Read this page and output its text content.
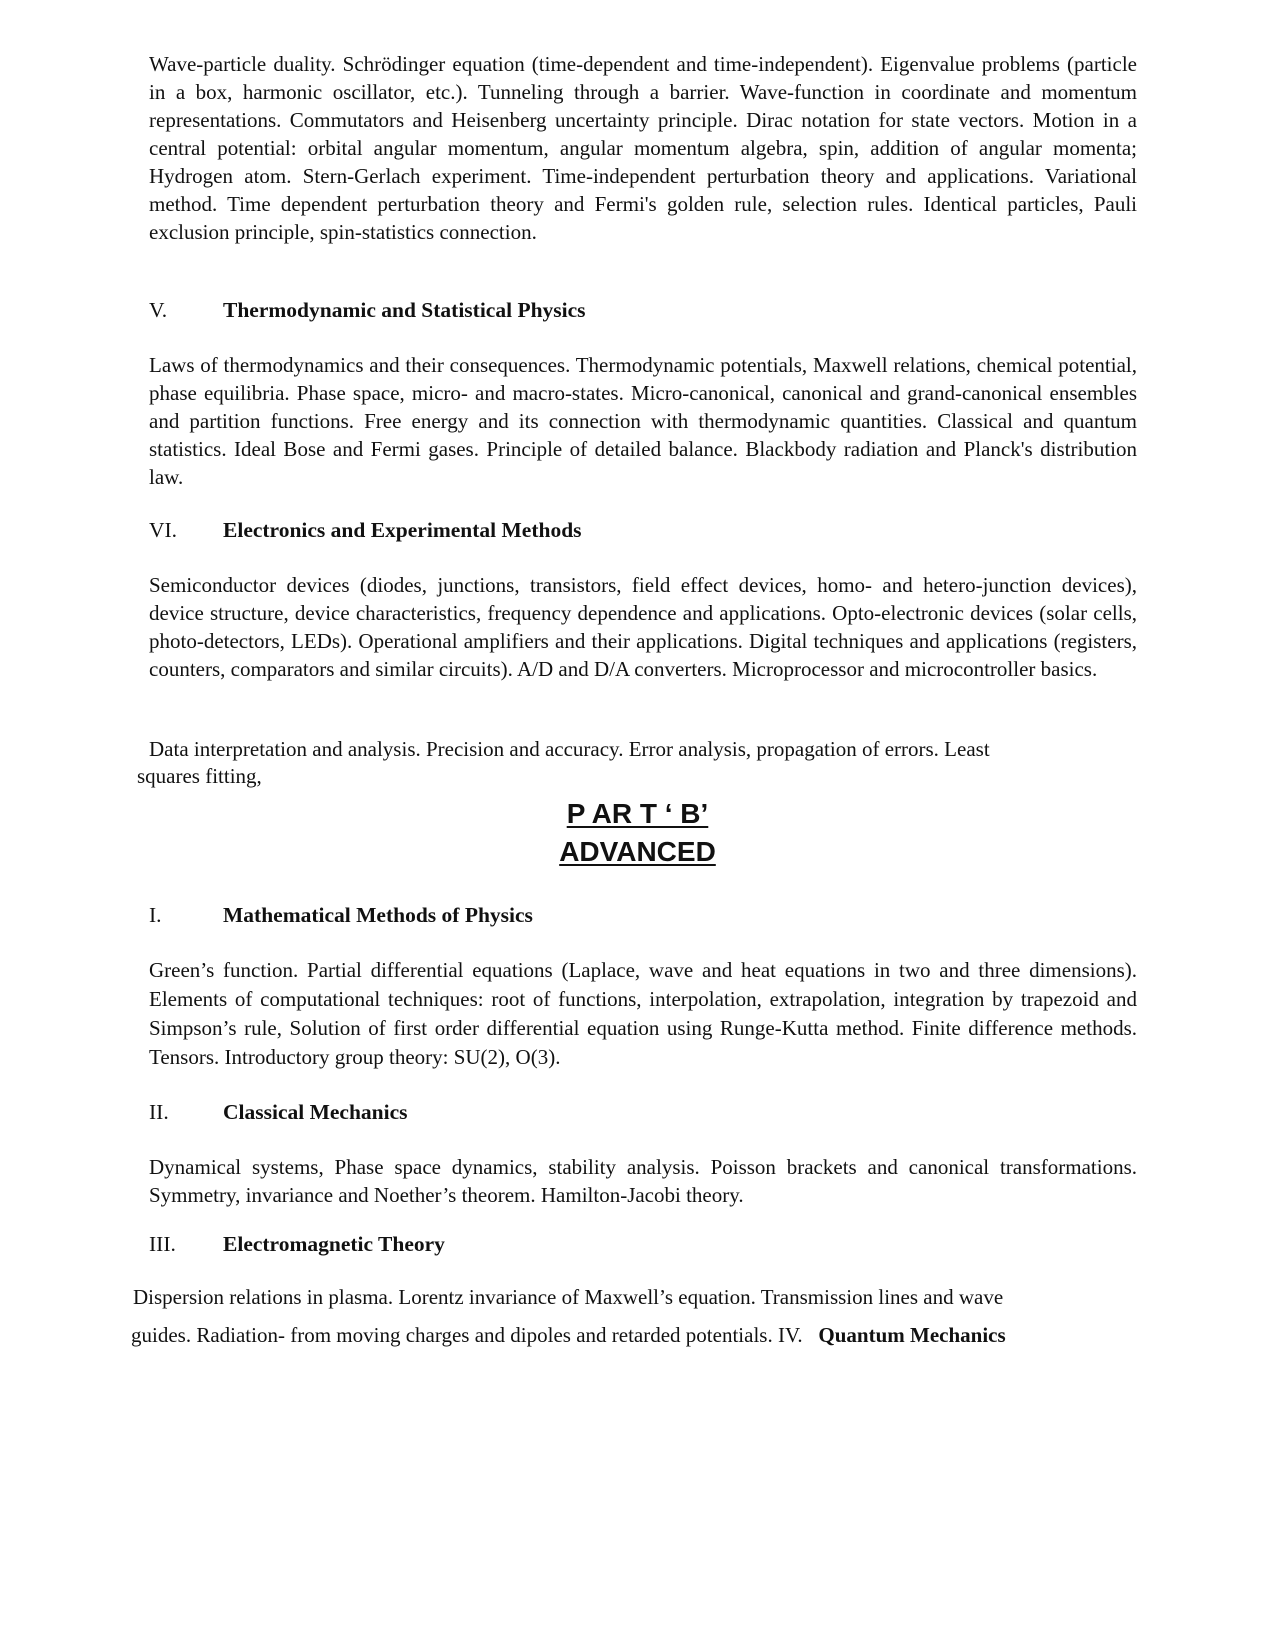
Wave-particle duality. Schrödinger equation (time-dependent and time-independent). Eigenvalue problems (particle in a box, harmonic oscillator, etc.). Tunneling through a barrier. Wave-function in coordinate and momentum representations. Commutators and Heisenberg uncertainty principle. Dirac notation for state vectors. Motion in a central potential: orbital angular momentum, angular momentum algebra, spin, addition of angular momenta; Hydrogen atom. Stern-Gerlach experiment. Time-independent perturbation theory and applications. Variational method. Time dependent perturbation theory and Fermi's golden rule, selection rules. Identical particles, Pauli exclusion principle, spin-statistics connection.

V.	Thermodynamic and Statistical Physics

Laws of thermodynamics and their consequences. Thermodynamic potentials, Maxwell relations, chemical potential, phase equilibria. Phase space, micro- and macro-states. Micro-canonical, canonical and grand-canonical ensembles and partition functions. Free energy and its connection with thermodynamic quantities. Classical and quantum statistics. Ideal Bose and Fermi gases. Principle of detailed balance. Blackbody radiation and Planck's distribution law.

VI. Electronics and Experimental Methods

Semiconductor devices (diodes, junctions, transistors, field effect devices, homo- and hetero-junction devices), device structure, device characteristics, frequency dependence and applications. Opto-electronic devices (solar cells, photo-detectors, LEDs). Operational amplifiers and their applications. Digital techniques and applications (registers, counters, comparators and similar circuits). A/D and D/A converters. Microprocessor and microcontroller basics.

Data interpretation and analysis. Precision and accuracy. Error analysis, propagation of errors. Least

squares fitting,

P AR T ‘ B’

ADVANCED

I.	Mathematical Methods of Physics

Green’s function. Partial differential equations (Laplace, wave and heat equations in two and three dimensions). Elements of computational techniques: root of functions, interpolation, extrapolation, integration by trapezoid and Simpson’s rule, Solution of first order differential equation using Runge-Kutta method. Finite difference methods. Tensors. Introductory group theory: SU(2), O(3).

II.	Classical Mechanics

Dynamical systems, Phase space dynamics, stability analysis. Poisson brackets and canonical transformations. Symmetry, invariance and Noether’s theorem. Hamilton-Jacobi theory.

III. Electromagnetic Theory

Dispersion relations in plasma. Lorentz invariance of Maxwell’s equation. Transmission lines and wave

guides. Radiation- from moving charges and dipoles and retarded potentials. IV. Quantum Mechanics
